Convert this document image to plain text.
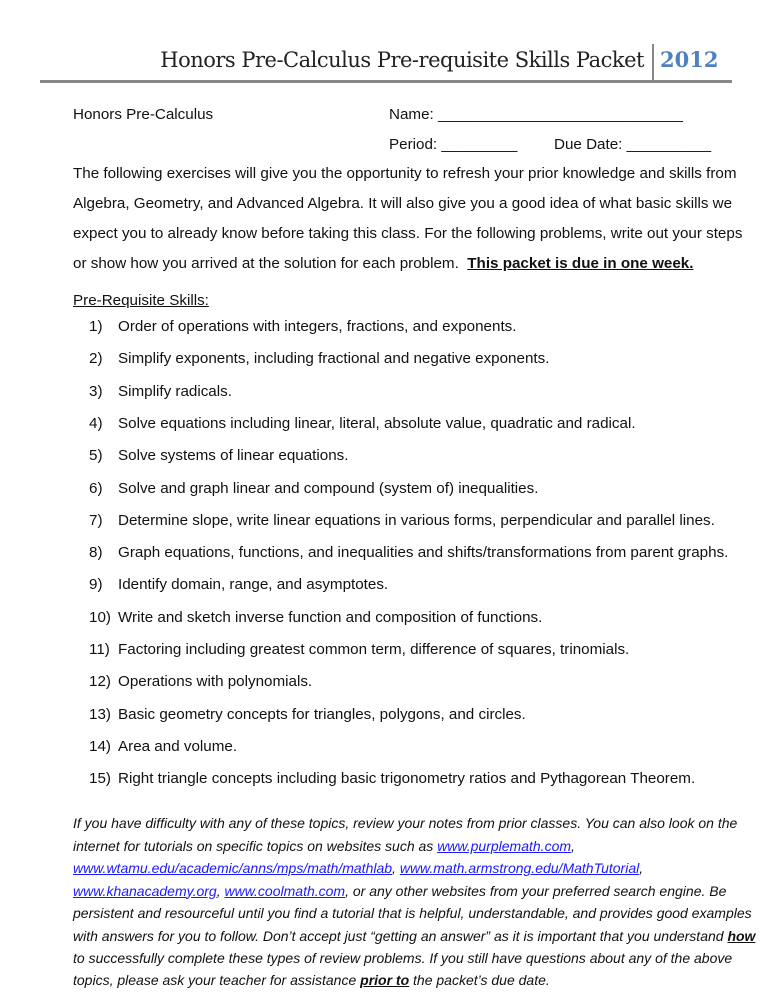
Honors Pre-Calculus Pre-requisite Skills Packet 2012
Honors Pre-Calculus	Name: _____________________________
Period: _________ Due Date: __________
The following exercises will give you the opportunity to refresh your prior knowledge and skills from
Algebra, Geometry, and Advanced Algebra. It will also give you a good idea of what basic skills we
expect you to already know before taking this class. For the following problems, write out your steps
or show how you arrived at the solution for each problem. This packet is due in one week.
Pre-Requisite Skills:
1) Order of operations with integers, fractions, and exponents.
2) Simplify exponents, including fractional and negative exponents.
3) Simplify radicals.
4) Solve equations including linear, literal, absolute value, quadratic and radical.
5) Solve systems of linear equations.
6) Solve and graph linear and compound (system of) inequalities.
7) Determine slope, write linear equations in various forms, perpendicular and parallel lines.
8) Graph equations, functions, and inequalities and shifts/transformations from parent graphs.
9) Identify domain, range, and asymptotes.
10) Write and sketch inverse function and composition of functions.
11) Factoring including greatest common term, difference of squares, trinomials.
12) Operations with polynomials.
13) Basic geometry concepts for triangles, polygons, and circles.
14) Area and volume.
15) Right triangle concepts including basic trigonometry ratios and Pythagorean Theorem.
If you have difficulty with any of these topics, review your notes from prior classes. You can also look on the
internet for tutorials on specific topics on websites such as www.purplemath.com,
www.wtamu.edu/academic/anns/mps/math/mathlab, www.math.armstrong.edu/MathTutorial,
www.khanacademy.org, www.coolmath.com, or any other websites from your preferred search engine. Be
persistent and resourceful until you find a tutorial that is helpful, understandable, and provides good examples
with answers for you to follow. Don’t accept just “getting an answer” as it is important that you understand how
to successfully complete these types of review problems. If you still have questions about any of the above
topics, please ask your teacher for assistance prior to the packet’s due date.
